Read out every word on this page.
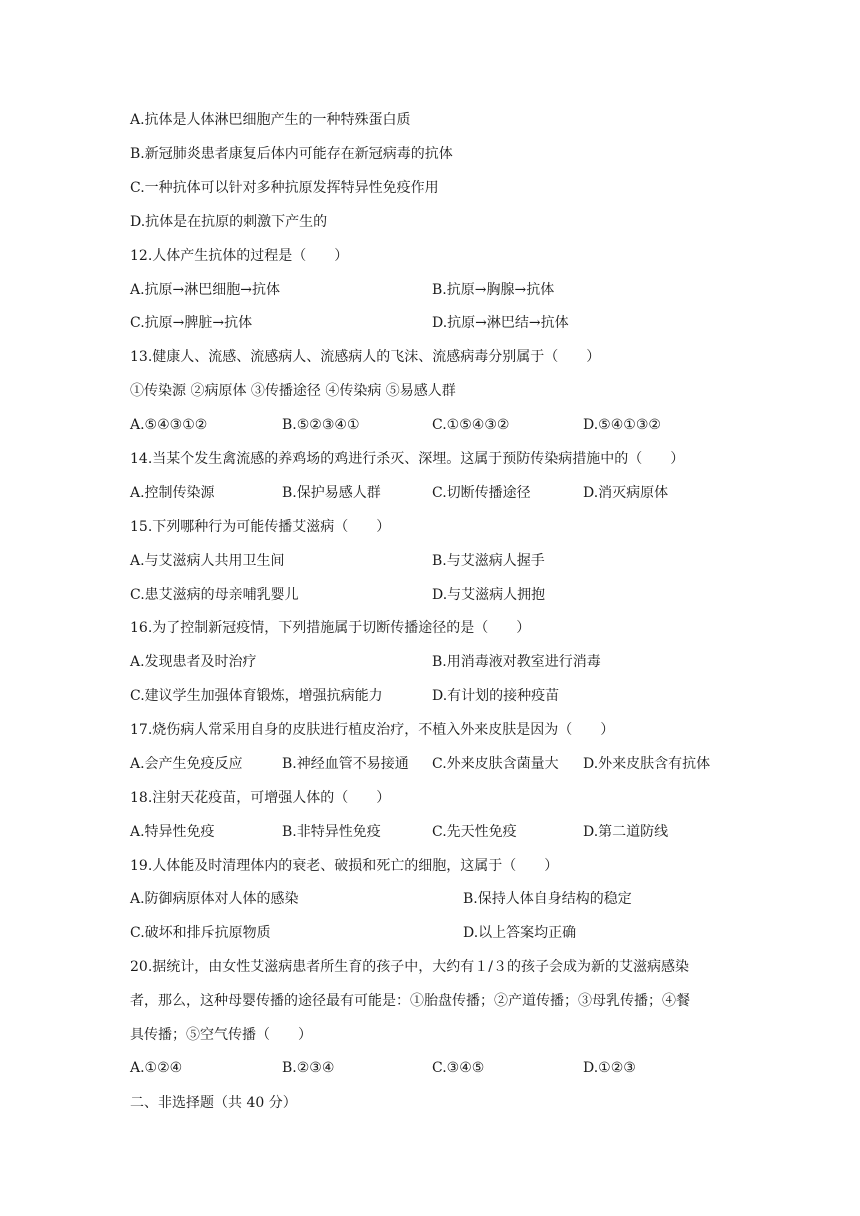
A.抗体是人体淋巴细胞产生的一种特殊蛋白质
B.新冠肺炎患者康复后体内可能存在新冠病毒的抗体
C.一种抗体可以针对多种抗原发挥特异性免疫作用
D.抗体是在抗原的刺激下产生的
12.人体产生抗体的过程是（　　）
A.抗原→淋巴细胞→抗体	B.抗原→胸腺→抗体
C.抗原→脾脏→抗体	D.抗原→淋巴结→抗体
13.健康人、流感、流感病人、流感病人的飞沫、流感病毒分别属于（　　）
①传染源 ②病原体 ③传播途径 ④传染病 ⑤易感人群
A.⑤④③①②	B.⑤②③④①	C.①⑤④③②	D.⑤④①③②
14.当某个发生禽流感的养鸡场的鸡进行杀灭、深埋。这属于预防传染病措施中的（　　）
A.控制传染源	B.保护易感人群	C.切断传播途径	D.消灭病原体
15.下列哪种行为可能传播艾滋病（　　）
A.与艾滋病人共用卫生间	B.与艾滋病人握手
C.患艾滋病的母亲哺乳婴儿	D.与艾滋病人拥抱
16.为了控制新冠疫情，下列措施属于切断传播途径的是（　　）
A.发现患者及时治疗	B.用消毒液对教室进行消毒
C.建议学生加强体育锻炼，增强抗病能力	D.有计划的接种疫苗
17.烧伤病人常采用自身的皮肤进行植皮治疗，不植入外来皮肤是因为（　　）
A.会产生免疫反应	B.神经血管不易接通 C.外来皮肤含菌量大 D.外来皮肤含有抗体
18.注射天花疫苗，可增强人体的（　　）
A.特异性免疫	B.非特异性免疫	C.先天性免疫	D.第二道防线
19.人体能及时清理体内的衰老、破损和死亡的细胞，这属于（　　）
A.防御病原体对人体的感染	B.保持人体自身结构的稳定
C.破坏和排斥抗原物质	D.以上答案均正确
20.据统计，由女性艾滋病患者所生育的孩子中，大约有１/３的孩子会成为新的艾滋病感染
者，那么，这种母婴传播的途径最有可能是：①胎盘传播；②产道传播；③母乳传播；④餐
具传播；⑤空气传播（　　）
A.①②④	B.②③④	C.③④⑤	D.①②③
二、非选择题（共 40 分）
